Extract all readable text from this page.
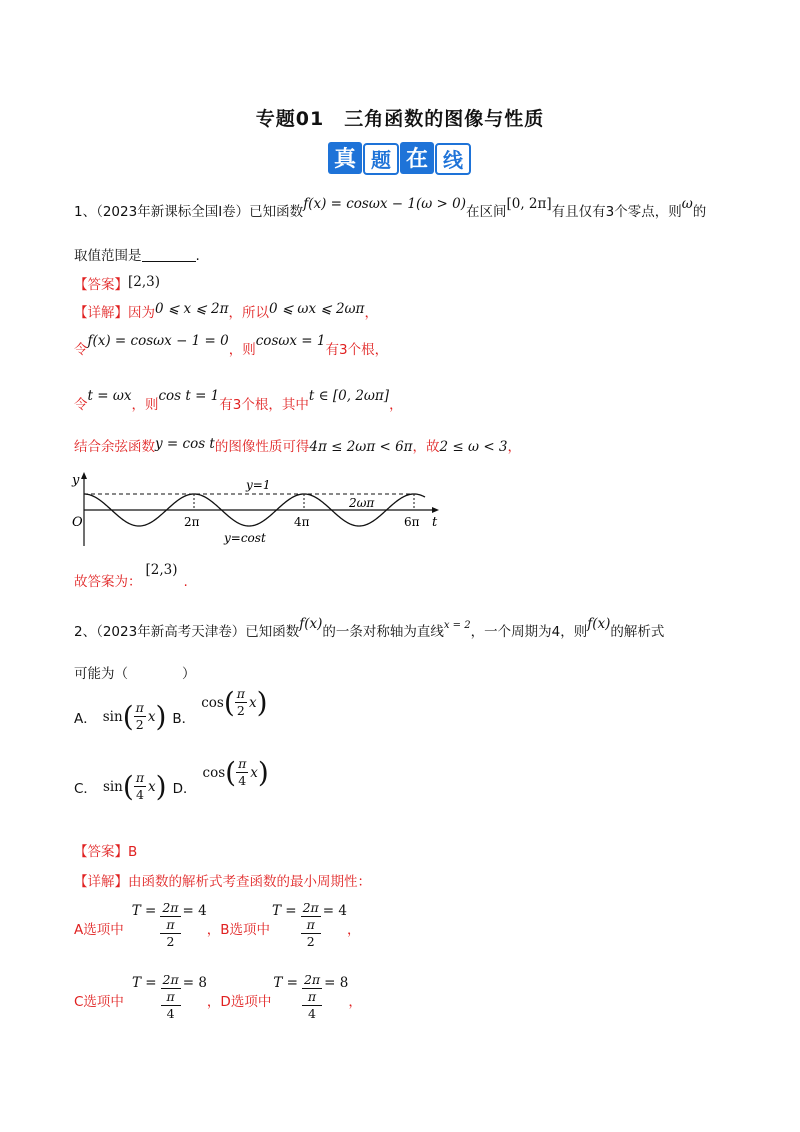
专题01　三角函数的图像与性质
真 题 在 线
1、（2023年新课标全国Ⅰ卷）已知函数f(x) = cosωx − 1(ω > 0)在区间[0, 2π]有且仅有3个零点，则ω的
取值范围是	.
【答案】[2,3)
【详解】因为0 ⩽ x ⩽ 2π，所以0 ⩽ ωx ⩽ 2ωπ，
令f(x) = cosωx − 1 = 0，则cosωx = 1有3个根，
令t = ωx，则cos t = 1有3个根，其中t ∈ [0, 2ωπ]，
结合余弦函数y = cos t的图像性质可得4π ≤ 2ωπ < 6π，故2 ≤ ω < 3，
y
t
O
y=1
y=cost
2π	4π
2ωπ
6π
故答案为：[2,3).
2、（2023年新高考天津卷）已知函数f(x)的一条对称轴为直线$^{x = 2}$，一个周期为4，则f(x)的解析式
可能为（　　　　）
A． sin ( $\frac{\pi}{2}$ x ) B．
cos ( $\frac{\pi}{2}$ x )
C． sin ( $\frac{\pi}{4}$ x ) D．
cos ( $\frac{\pi}{4}$ x )
【答案】B
【详解】由函数的解析式考查函数的最小周期性：
A选项中
T = 2π
π
2 = 4
，B选项中
T = 2π
π
2 = 4
，
C选项中
T = 2π
π
4 = 8
，D选项中
T = 2π
π
4 = 8
，
